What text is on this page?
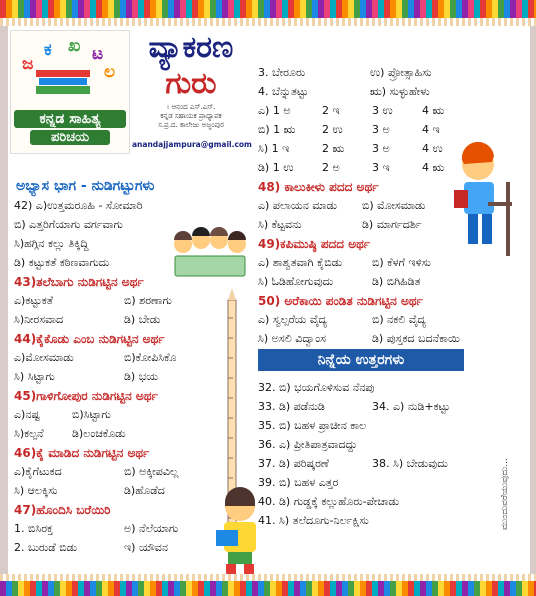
ಜ
ಕ ಖ ಟ
ಲ
ಕನ್ನಡ ಸಾಹಿತ್ಯ
ಪರಿಚಯ
ವ್ಯಾಕರಣ
ಗುರು
। ಆನಂದ ಎಸ್.ಎಸ್.
ಕನ್ನಡ ಸಹಾಯಕ ಪ್ರಾಧ್ಯಾಪಕ
ಸ.ಪ್ರ.ದ. ಕಾಲೇಜು ಅಜ್ಜಂಪುರ
anandajjampura@gmail.com
ಅಭ್ಯಾಸ ಭಾಗ - ನುಡಿಗಟ್ಟುಗಳು
42) ಎ)ಉತ್ತಮರೂಹಿ - ಸೋಮಾರಿ
ಬಿ) ಎತ್ತರಿಗೆಯಾಗು ವರ್ಗವಾಗು
ಸಿ)ಹಗ್ಗಿನ ಕಲ್ಲು ತಿಕ್ಕಿದ್ದಿ
ಡಿ) ಕಟ್ಟುಕತೆ ಕಠಿಣವಾಗುದು
43)ತಲೆಬಾಗು ನುಡಿಗಟ್ಟಿನ ಅರ್ಥ
ಎ)ಕಟ್ಟುಕತೆ	ಬಿ) ಶರಣಾಗು
ಸಿ)ನೀರಸವಾದ	ಡಿ) ಬೇಡು
44)ಕೈಕೊಡು ಎಂಬ ನುಡಿಗಟ್ಟಿನ ಅರ್ಥ
ಎ)ಮೋಸಮಾಡು	ಬಿ)ಕೋಪಿಸಿಕೊ
ಸಿ) ಸಿಟ್ಟಾಗು	ಡಿ) ಭಯ
45)ಗಾಳಿಗೋಪುರ ನುಡಿಗಟ್ಟಿನ ಅರ್ಥ
ಎ)ನಷ್ಟ	ಬಿ)ಸಿಟ್ಟಾಗು
ಸಿ)ಕಲ್ಪನೆ	ಡಿ)ಲಂಚಕೊಡು
46)ಕೈ ಮಾಡಿದ ನುಡಿಗಟ್ಟಿನ ಅರ್ಥ
ಎ)ಕೈಗೆಟುಕದ	ಬಿ) ಅಕ್ಕೀಪವಿಲ್ಲ
ಸಿ) ಆಲಕ್ಕಿಸು	ಡಿ)ಹೊಡೆದ
47)ಹೊಂದಿಸಿ ಬರೆಯಿರಿ
1. ಬಿಸಿರಕ್ತ	ಅ) ನೆಲೆಯಾಗು
2. ಬುರುಡೆ ಬಿಡು	ಇ) ಯೌವನ
3. ಬೇರೂರು	ಉ) ಪ್ರೋತ್ಸಾಹಿಸು
4. ಬೆನ್ನುತಟ್ಟು	ಋ) ಸುಳ್ಳುಹೇಳು
ಎ) 1 ಅ	2 ಇ	3 ಉ	4 ಋ
ಬಿ) 1 ಋ 2 ಉ	3 ಅ	4 ಇ
ಸಿ) 1 ಇ	2 ಋ	3 ಅ	4 ಉ
ಡಿ) 1 ಉ	2 ಅ	3 ಇ	4 ಋ
48) ಕಾಲುಕೀಳು ಪದದ ಅರ್ಥ
ಎ) ಪಲಾಯನ ಮಾಡು ಬಿ) ಮೋಸಮಾಡು
ಸಿ) ಕೆಟ್ಟವನು	ಡಿ) ಮಾರ್ಗದರ್ಶಿ
49)ಕಪಿಮುಷ್ಠಿ ಪದದ ಅರ್ಥ
ಎ) ಶಾಶ್ವತವಾಗಿ ಕೈಬಿಡು	ಬಿ) ಕೆಳಗೆ ಇಳಿಸು
ಸಿ) ಓಡಿಹೋಗುವುದು	ಡಿ) ಬಿಗಿಹಿಡಿತ
50) ಅರೆಕಾಯಿ ಪಂಡಿತ ನುಡಿಗಟ್ಟಿನ ಅರ್ಥ
ಎ) ಸ್ವಲ್ಪರೆಯ ವೈದ್ಯ	ಬಿ) ನಕಲಿ ವೈದ್ಯ
ಸಿ) ಅಸಲಿ ವಿದ್ವಾಂಸ	ಡಿ) ಪುಸ್ತಕದ ಬದನೆಕಾಯಿ
ನಿನ್ನೆಯ ಉತ್ತರಗಳು
32. ಬಿ) ಭಯಗೊಳಿಸುವ ನೆನಪು
33. ಡಿ) ಪಡೆನುಡಿ	34. ಎ) ನುಡಿ+ಕಟ್ಟು
35. ಬಿ) ಬಹಳ ಪ್ರಾಚೀನ ಕಾಲ
36. ಎ) ಪ್ರೀತಿಪಾತ್ರವಾದದ್ದು
37. ಡಿ) ಪರಿಷ್ಕರಣೆ	38. ಸಿ) ಬೇಡುವುದು
39. ಬಿ) ಬಹಳ ಎತ್ತರ
40. ಡಿ) ಗುಡ್ಡಕ್ಕೆ ಕಲ್ಲುಹೊರು-ಪೇಚಾಡು
41. ಸಿ) ತಲೆದೂಗು-ನಿರ್ಲಕ್ಷಿಸು	ಮುಂದುವರೆಯುವುದು...
